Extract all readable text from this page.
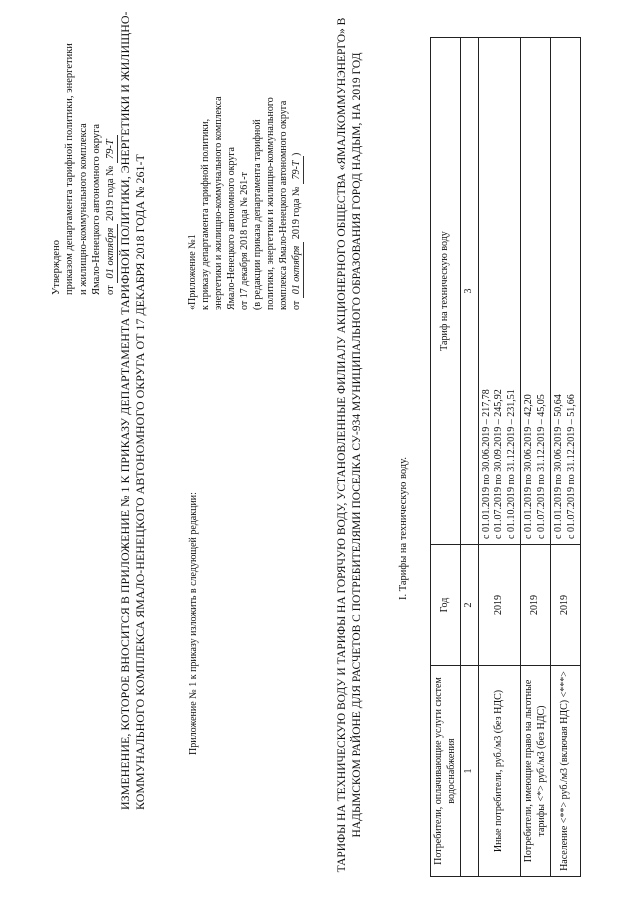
Утверждено приказом департамента тарифной политики, энергетики и жилищно-коммунального комплекса Ямало-Ненецкого автономного округа от 01 октября 2019 года № 79-Т ИЗМЕНЕНИЕ, КОТОРОЕ ВНОСИТСЯ В ПРИЛОЖЕНИЕ № 1 К ПРИКАЗУ ДЕПАРТАМЕНТА ТАРИФНОЙ ПОЛИТИКИ, ЭНЕРГЕТИКИ И ЖИЛИЩНО-КОММУНАЛЬНОГО КОМПЛЕКСА ЯМАЛО-НЕНЕЦКОГО АВТОНОМНОГО ОКРУГА ОТ 17 ДЕКАБРЯ 2018 ГОДА № 261-Т	Приложение № 1 к приказу изложить в следующей редакции:
«Приложение №1 к приказу департамента тарифной политики, энергетики и жилищно-коммунального комплекса Ямало-Ненецкого автономного округа от 17 декабря 2018 года № 261-т (в редакции приказа департамента тарифной политики, энергетики и жилищно-коммунального комплекса Ямало-Ненецкого автономного округа от 01 октября 2019 года № 79-Т)	ТАРИФЫ НА ТЕХНИЧЕСКУЮ ВОДУ И ТАРИФЫ НА ГОРЯЧУЮ ВОДУ, УСТАНОВЛЕННЫЕ ФИЛИАЛУ АКЦИОНЕРНОГО ОБЩЕСТВА «ЯМАЛКОММУНЭНЕРГО» В НАДЫМСКОМ РАЙОНЕ ДЛЯ РАСЧЕТОВ С ПОТРЕБИТЕЛЯМИ ПОСЕЛКА СУ-934 МУНИЦИПАЛЬНОГО ОБРАЗОВАНИЯ ГОРОД НАДЫМ, НА 2019 ГОД	I. Тарифы на техническую воду.
Потребители, оплачивающие услуги систем водоснабжения	Год	Тариф на техническую воду
1	2	3
Иные потребители, руб./м3 (без НДС)	2019	с 01.01.2019 по 30.06.2019 – 217,78 с 01.07.2019 по 30.09.2019 – 245,92 с 01.10.2019 по 31.12.2019 – 231,51

Потребители, имеющие право на льготные тарифы <*> руб./м3 (без НДС)	2019	с 01.01.2019 по 30.06.2019 – 42,20 с 01.07.2019 по 31.12.2019 – 45,05

Население <**> руб./м3 (включая НДС) <***>	2019	с 01.01.2019 по 30.06.2019 – 50,64 с 01.07.2019 по 31.12.2019 – 51,66
